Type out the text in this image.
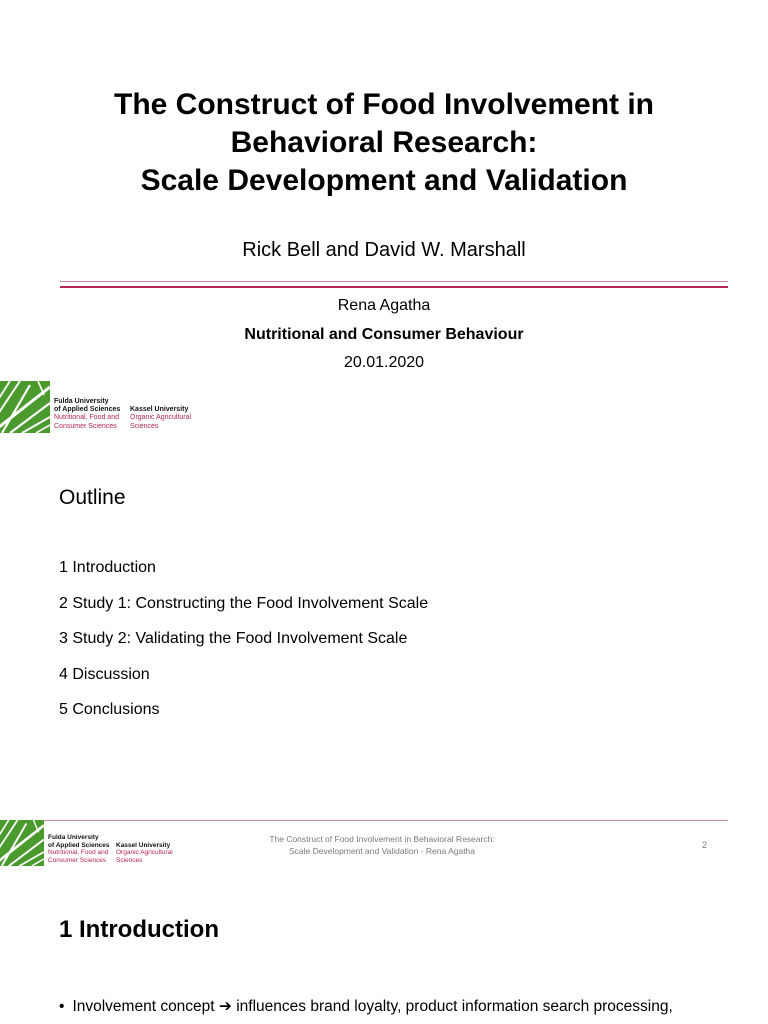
The Construct of Food Involvement in
Behavioral Research:
Scale Development and Validation
Rick Bell and David W. Marshall
Rena Agatha
Nutritional and Consumer Behaviour
20.01.2020
Fulda University
of Applied Sciences
Nutritional, Food and
Consumer Sciences
Kassel University
Organic Agricultural
Sciences
Outline
1 Introduction
2 Study 1: Constructing the Food Involvement Scale
3 Study 2: Validating the Food Involvement Scale
4 Discussion
5 Conclusions
Fulda University
of Applied Sciences
Nutritional, Food and
Consumer Sciences
Kassel University
Organic Agricultural
Sciences
The Construct of Food Involvement in Behavioral Research:
Scale Development and Validation - Rena Agatha
2
1 Introduction
• Involvement concept ➔ influences brand loyalty, product information search processing,
